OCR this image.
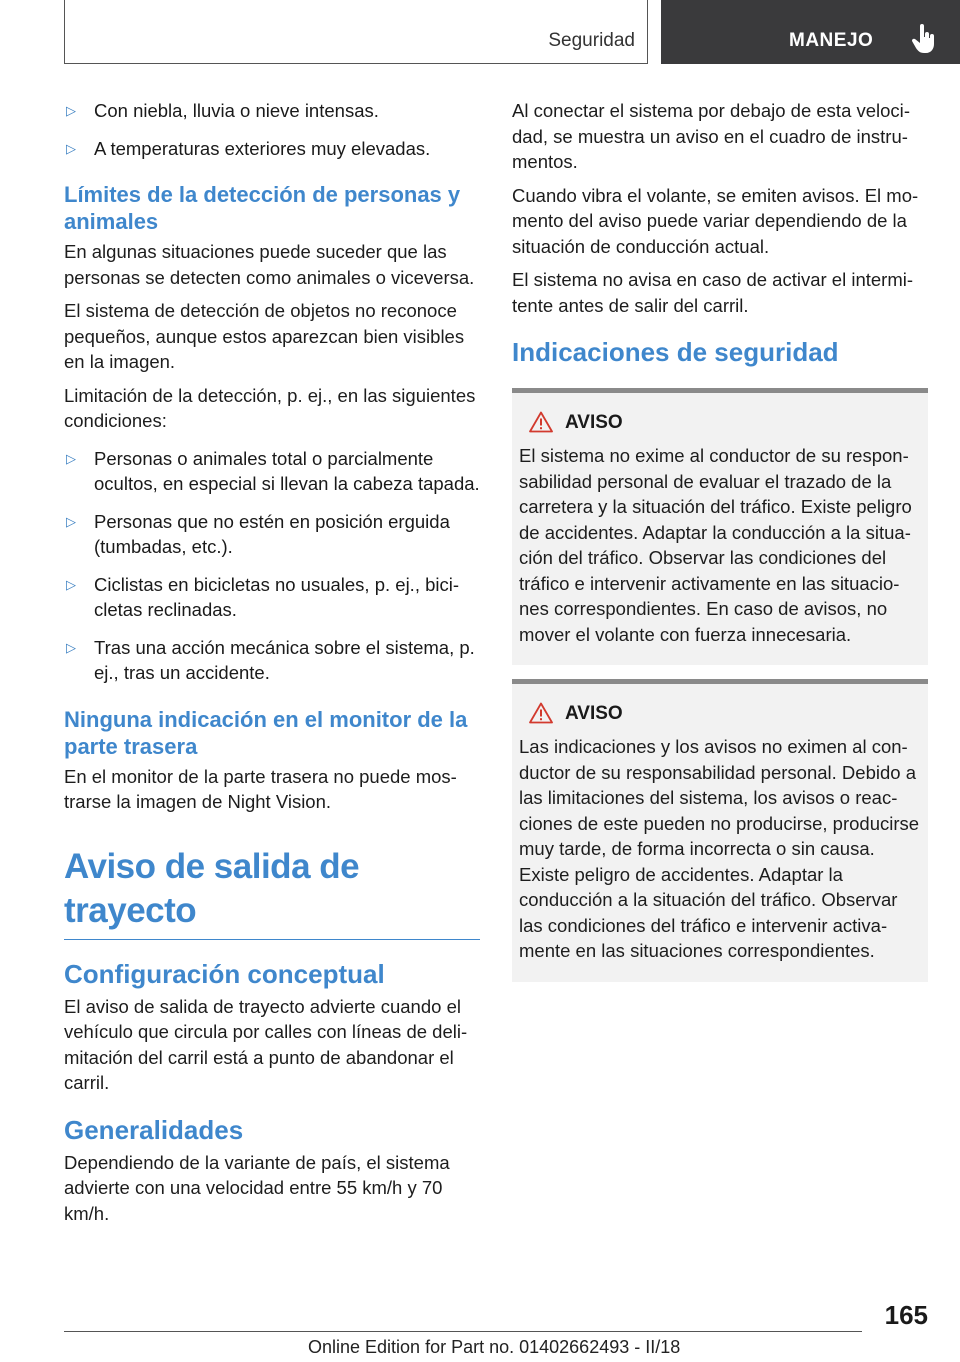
Seguridad	MANEJO
▷ Con niebla, lluvia o nieve intensas.
▷ A temperaturas exteriores muy elevadas.
Límites de la detección de personas y animales

En algunas situaciones puede suceder que las personas se detecten como animales o viceversa.

El sistema de detección de objetos no reconoce pequeños, aunque estos aparezcan bien visibles en la imagen.

Limitación de la detección, p. ej., en las siguientes condiciones:

▷ Personas o animales total o parcialmente ocultos, en especial si llevan la cabeza tapada.
▷ Personas que no estén en posición erguida (tumbadas, etc.).
▷ Ciclistas en bicicletas no usuales, p. ej., bicicletas reclinadas.
▷ Tras una acción mecánica sobre el sistema, p. ej., tras un accidente.
Ninguna indicación en el monitor de la parte trasera

En el monitor de la parte trasera no puede mostrarse la imagen de Night Vision.

Aviso de salida de trayecto
Configuración conceptual

El aviso de salida de trayecto advierte cuando el vehículo que circula por calles con líneas de delimitación del carril está a punto de abandonar el carril.

Generalidades

Dependiendo de la variante de país, el sistema advierte con una velocidad entre 55 km/h y 70 km/h.

Al conectar el sistema por debajo de esta velocidad, se muestra un aviso en el cuadro de instrumentos.

Cuando vibra el volante, se emiten avisos. El momento del aviso puede variar dependiendo de la situación de conducción actual.

El sistema no avisa en caso de activar el intermitente antes de salir del carril.

Indicaciones de seguridad
AVISO

El sistema no exime al conductor de su responsabilidad personal de evaluar el trazado de la carretera y la situación del tráfico. Existe peligro de accidentes. Adaptar la conducción a la situación del tráfico. Observar las condiciones del tráfico e intervenir activamente en las situaciones correspondientes. En caso de avisos, no mover el volante con fuerza innecesaria.

AVISO

Las indicaciones y los avisos no eximen al conductor de su responsabilidad personal. Debido a las limitaciones del sistema, los avisos o reacciones de este pueden no producirse, producirse muy tarde, de forma incorrecta o sin causa. Existe peligro de accidentes. Adaptar la conducción a la situación del tráfico. Observar las condiciones del tráfico e intervenir activamente en las situaciones correspondientes.

165
Online Edition for Part no. 01402662493 - II/18
